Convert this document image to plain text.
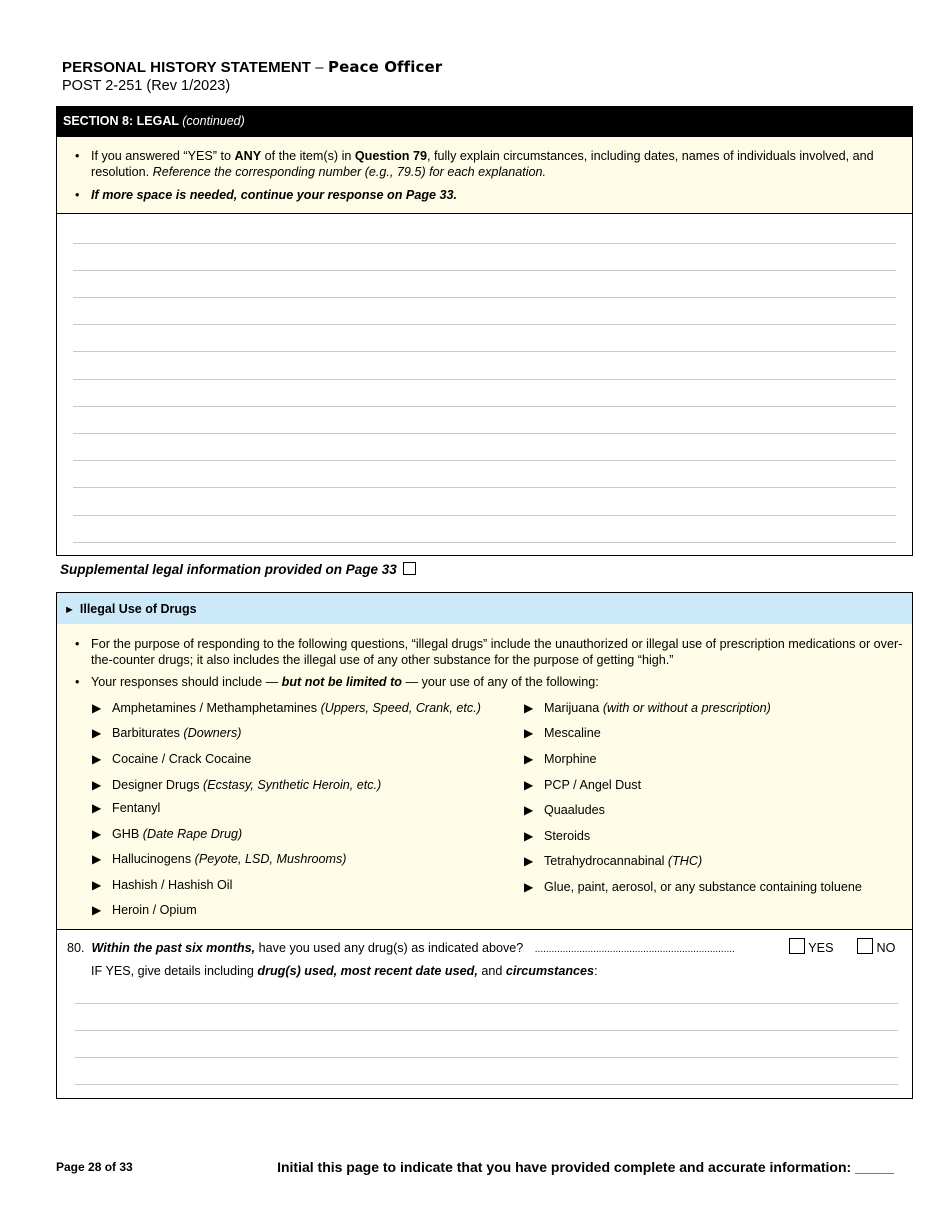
PERSONAL HISTORY STATEMENT – Peace Officer
POST 2-251 (Rev 1/2023)
SECTION 8: LEGAL (continued)
• If you answered “YES” to ANY of the item(s) in Question 79, fully explain circumstances, including dates, names of individuals involved, and resolution. Reference the corresponding number (e.g., 79.5) for each explanation.
• If more space is needed, continue your response on Page 33.
Supplemental legal information provided on Page 33
► Illegal Use of Drugs
• For the purpose of responding to the following questions, “illegal drugs” include the unauthorized or illegal use of prescription medications or over-the-counter drugs; it also includes the illegal use of any other substance for the purpose of getting “high.”
• Your responses should include — but not be limited to — your use of any of the following:
▶ Amphetamines / Methamphetamines (Uppers, Speed, Crank, etc.)
▶ Barbiturates (Downers)
▶ Cocaine / Crack Cocaine
▶ Designer Drugs (Ecstasy, Synthetic Heroin, etc.)
▶ Fentanyl
▶ GHB (Date Rape Drug)
▶ Hallucinogens (Peyote, LSD, Mushrooms)
▶ Hashish / Hashish Oil
▶ Heroin / Opium
▶ Marijuana (with or without a prescription)
▶ Mescaline
▶ Morphine
▶ PCP / Angel Dust
▶ Quaaludes
▶ Steroids
▶ Tetrahydrocannabinal (THC)
▶ Glue, paint, aerosol, or any substance containing toluene
80. Within the past six months, have you used any drug(s) as indicated above? ........................................................................	YES	NO
IF YES, give details including drug(s) used, most recent date used, and circumstances:
Page 28 of 33	Initial this page to indicate that you have provided complete and accurate information: _____
